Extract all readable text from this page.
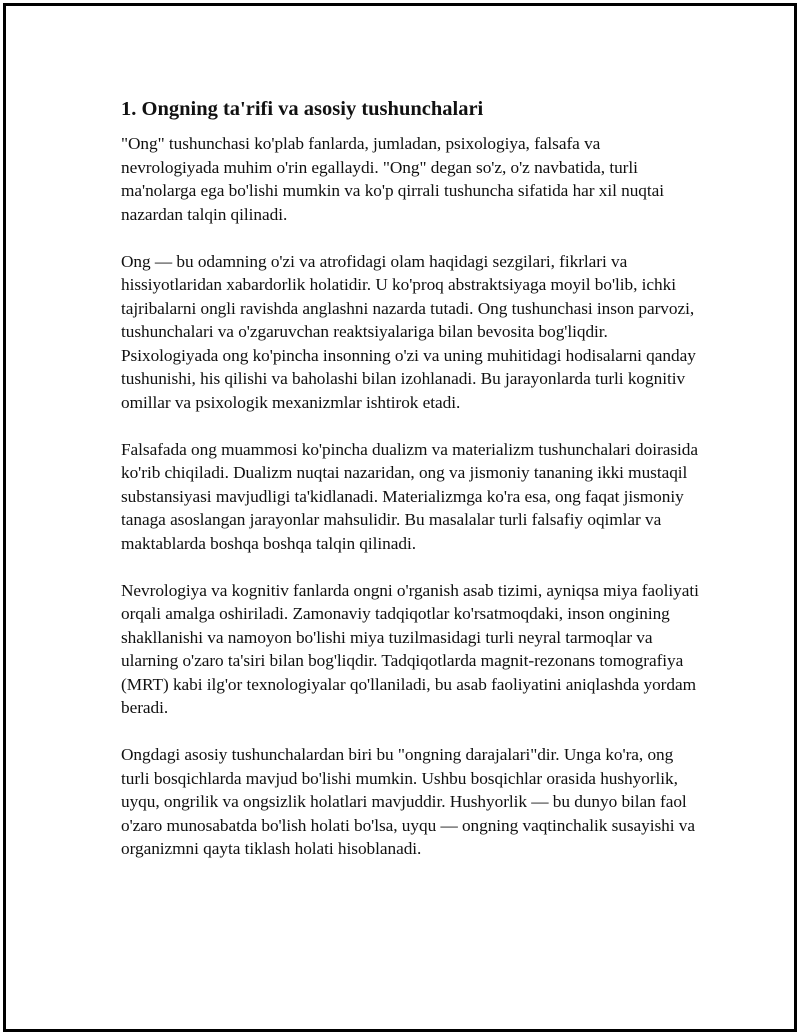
1. Ongning ta'rifi va asosiy tushunchalari

"Ong" tushunchasi ko'plab fanlarda, jumladan, psixologiya, falsafa va nevrologiyada muhim o'rin egallaydi. "Ong" degan so'z, o'z navbatida, turli ma'nolarga ega bo'lishi mumkin va ko'p qirrali tushuncha sifatida har xil nuqtai nazardan talqin qilinadi.

Ong — bu odamning o'zi va atrofidagi olam haqidagi sezgilari, fikrlari va hissiyotlaridan xabardorlik holatidir. U ko'proq abstraktsiyaga moyil bo'lib, ichki tajribalarni ongli ravishda anglashni nazarda tutadi. Ong tushunchasi inson parvozi, tushunchalari va o'zgaruvchan reaktsiyalariga bilan bevosita bog'liqdir. Psixologiyada ong ko'pincha insonning o'zi va uning muhitidagi hodisalarni qanday tushunishi, his qilishi va baholashi bilan izohlanadi. Bu jarayonlarda turli kognitiv omillar va psixologik mexanizmlar ishtirok etadi.

Falsafada ong muammosi ko'pincha dualizm va materializm tushunchalari doirasida ko'rib chiqiladi. Dualizm nuqtai nazaridan, ong va jismoniy tananing ikki mustaqil substansiyasi mavjudligi ta'kidlanadi. Materializmga ko'ra esa, ong faqat jismoniy tanaga asoslangan jarayonlar mahsulidir. Bu masalalar turli falsafiy oqimlar va maktablarda boshqa boshqa talqin qilinadi.

Nevrologiya va kognitiv fanlarda ongni o'rganish asab tizimi, ayniqsa miya faoliyati orqali amalga oshiriladi. Zamonaviy tadqiqotlar ko'rsatmoqdaki, inson ongining shakllanishi va namoyon bo'lishi miya tuzilmasidagi turli neyral tarmoqlar va ularning o'zaro ta'siri bilan bog'liqdir. Tadqiqotlarda magnit-rezonans tomografiya (MRT) kabi ilg'or texnologiyalar qo'llaniladi, bu asab faoliyatini aniqlashda yordam beradi.

Ongdagi asosiy tushunchalardan biri bu "ongning darajalari"dir. Unga ko'ra, ong turli bosqichlarda mavjud bo'lishi mumkin. Ushbu bosqichlar orasida hushyorlik, uyqu, ongrilik va ongsizlik holatlari mavjuddir. Hushyorlik — bu dunyo bilan faol o'zaro munosabatda bo'lish holati bo'lsa, uyqu — ongning vaqtinchalik susayishi va organizmni qayta tiklash holati hisoblanadi.
